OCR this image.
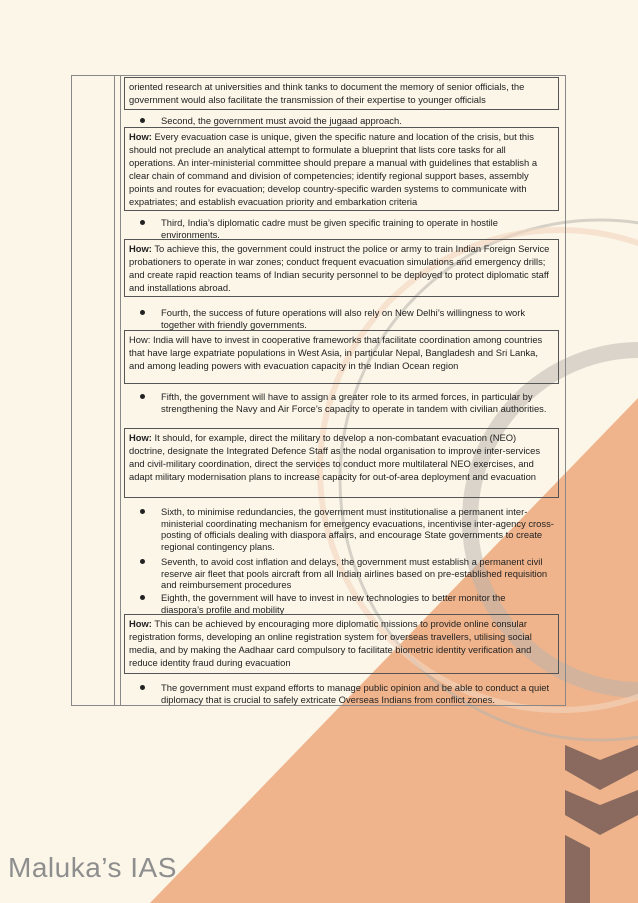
oriented research at universities and think tanks to document the memory of senior officials, the government would also facilitate the transmission of their expertise to younger officials
Second, the government must avoid the jugaad approach.
How: Every evacuation case is unique, given the specific nature and location of the crisis, but this should not preclude an analytical attempt to formulate a blueprint that lists core tasks for all operations. An inter-ministerial committee should prepare a manual with guidelines that establish a clear chain of command and division of competencies; identify regional support bases, assembly points and routes for evacuation; develop country-specific warden systems to communicate with expatriates; and establish evacuation priority and embarkation criteria
Third, India’s diplomatic cadre must be given specific training to operate in hostile environments.
How: To achieve this, the government could instruct the police or army to train Indian Foreign Service probationers to operate in war zones; conduct frequent evacuation simulations and emergency drills; and create rapid reaction teams of Indian security personnel to be deployed to protect diplomatic staff and installations abroad.
Fourth, the success of future operations will also rely on New Delhi’s willingness to work together with friendly governments.
How: India will have to invest in cooperative frameworks that facilitate coordination among countries that have large expatriate populations in West Asia, in particular Nepal, Bangladesh and Sri Lanka, and among leading powers with evacuation capacity in the Indian Ocean region
Fifth, the government will have to assign a greater role to its armed forces, in particular by strengthening the Navy and Air Force’s capacity to operate in tandem with civilian authorities.
How: It should, for example, direct the military to develop a non-combatant evacuation (NEO) doctrine, designate the Integrated Defence Staff as the nodal organisation to improve inter-services and civil-military coordination, direct the services to conduct more multilateral NEO exercises, and adapt military modernisation plans to increase capacity for out-of-area deployment and evacuation
Sixth, to minimise redundancies, the government must institutionalise a permanent inter-ministerial coordinating mechanism for emergency evacuations, incentivise inter-agency cross-posting of officials dealing with diaspora affairs, and encourage State governments to create regional contingency plans.
Seventh, to avoid cost inflation and delays, the government must establish a permanent civil reserve air fleet that pools aircraft from all Indian airlines based on pre-established requisition and reimbursement procedures
Eighth, the government will have to invest in new technologies to better monitor the diaspora’s profile and mobility
How: This can be achieved by encouraging more diplomatic missions to provide online consular registration forms, developing an online registration system for overseas travellers, utilising social media, and by making the Aadhaar card compulsory to facilitate biometric identity verification and reduce identity fraud during evacuation
The government must expand efforts to manage public opinion and be able to conduct a quiet diplomacy that is crucial to safely extricate Overseas Indians from conflict zones.
Maluka’s IAS
